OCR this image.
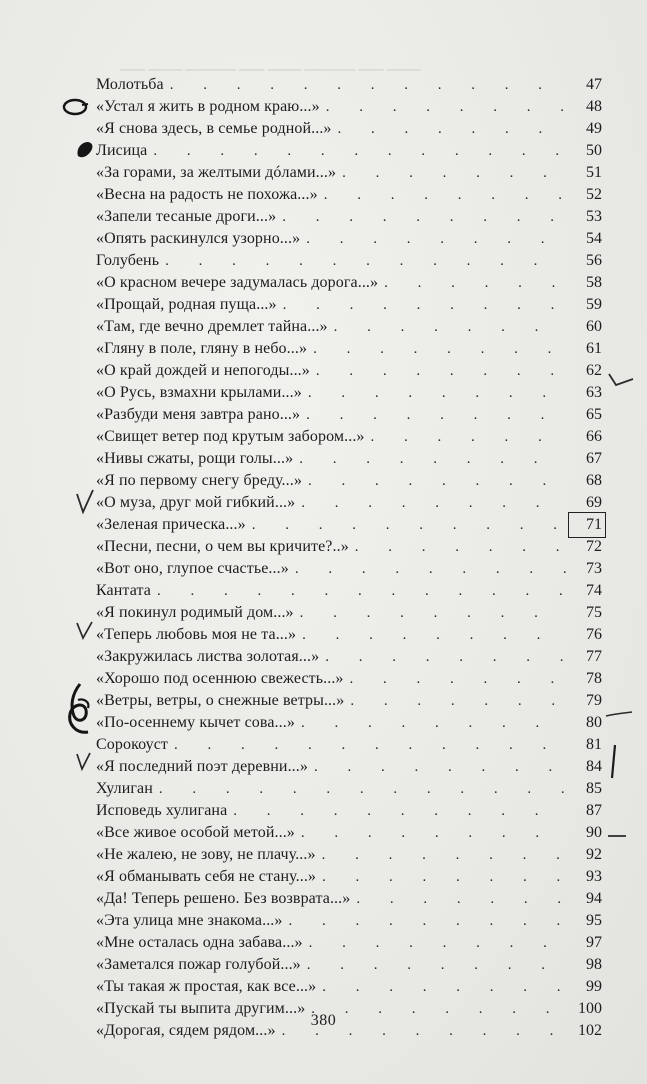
▁▁▁ ▁▁▁▁ ▁▁▁▁▁▁ ▁▁▁ ▁▁▁▁ ▁▁▁▁▁▁ ▁▁▁ ▁▁▁▁
Молотьба . . .	47
«Устал я жить в родном краю...» . . .	48
«Я снова здесь, в семье родной...» . . .	49
Лисица . . .	50
«За горами, за желтыми дóлами...» . . .	51
«Весна на радость не похожа...» . . .	52
«Запели тесаные дроги...» . . .	53
«Опять раскинулся узорно...» . . .	54
Голубень . . .	56
«О красном вечере задумалась дорога...» . . .	58
«Прощай, родная пуща...» . . .	59
«Там, где вечно дремлет тайна...» . . .	60
«Гляну в поле, гляну в небо...» . . .	61
«О край дождей и непогоды...» . . .	62
«О Русь, взмахни крылами...» . . .	63
«Разбуди меня завтра рано...» . . .	65
«Свищет ветер под крутым забором...» . . .	66
«Нивы сжаты, рощи голы...» . . .	67
«Я по первому снегу бреду...» . . .	68
«О муза, друг мой гибкий...» . . .	69
«Зеленая прическа...» . . .	71
«Песни, песни, о чем вы кричите?..» . . .	72
«Вот оно, глупое счастье...» . . .	73
Кантата . . .	74
«Я покинул родимый дом...» . . .	75
«Теперь любовь моя не та...» . . .	76
«Закружилась листва золотая...» . . .	77
«Хорошо под осеннюю свежесть...» . . .	78
«Ветры, ветры, о снежные ветры...» . . .	79
«По-осеннему кычет сова...» . . .	80
Сорокоуст . . .	81
«Я последний поэт деревни...» . . .	84
Хулиган . . .	85
Исповедь хулигана . . .	87
«Все живое особой метой...» . . .	90
«Не жалею, не зову, не плачу...» . . .	92
«Я обманывать себя не стану...» . . .	93
«Да! Теперь решено. Без возврата...» . . .	94
«Эта улица мне знакома...» . . .	95
«Мне осталась одна забава...» . . .	97
«Заметался пожар голубой...» . . .	98
«Ты такая ж простая, как все...» . . .	99
«Пускай ты выпита другим...» . . .	100
«Дорогая, сядем рядом...» . . .	102
380
